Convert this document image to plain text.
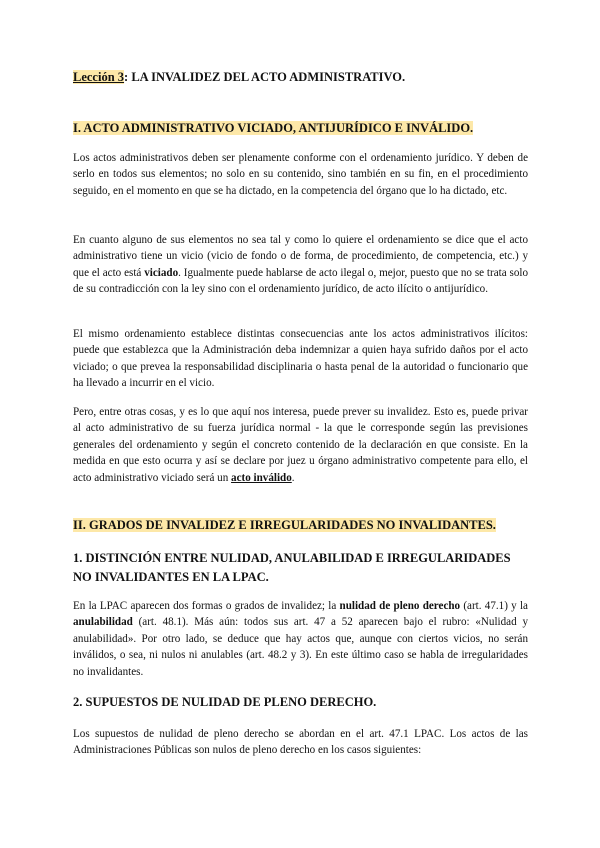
Lección 3: LA INVALIDEZ DEL ACTO ADMINISTRATIVO.

I. ACTO ADMINISTRATIVO VICIADO, ANTIJURÍDICO E INVÁLIDO.

Los actos administrativos deben ser plenamente conforme con el ordenamiento jurídico. Y deben de serlo en todos sus elementos; no solo en su contenido, sino también en su fin, en el procedimiento seguido, en el momento en que se ha dictado, en la competencia del órgano que lo ha dictado, etc.

En cuanto alguno de sus elementos no sea tal y como lo quiere el ordenamiento se dice que el acto administrativo tiene un vicio (vicio de fondo o de forma, de procedimiento, de competencia, etc.) y que el acto está viciado. Igualmente puede hablarse de acto ilegal o, mejor, puesto que no se trata solo de su contradicción con la ley sino con el ordenamiento jurídico, de acto ilícito o antijurídico.

El mismo ordenamiento establece distintas consecuencias ante los actos administrativos ilícitos: puede que establezca que la Administración deba indemnizar a quien haya sufrido daños por el acto viciado; o que prevea la responsabilidad disciplinaria o hasta penal de la autoridad o funcionario que ha llevado a incurrir en el vicio.

Pero, entre otras cosas, y es lo que aquí nos interesa, puede prever su invalidez. Esto es, puede privar al acto administrativo de su fuerza jurídica normal - la que le corresponde según las previsiones generales del ordenamiento y según el concreto contenido de la declaración en que consiste. En la medida en que esto ocurra y así se declare por juez u órgano administrativo competente para ello, el acto administrativo viciado será un acto inválido.

II. GRADOS DE INVALIDEZ E IRREGULARIDADES NO INVALIDANTES.

1. DISTINCIÓN ENTRE NULIDAD, ANULABILIDAD E IRREGULARIDADES NO INVALIDANTES EN LA LPAC.

En la LPAC aparecen dos formas o grados de invalidez; la nulidad de pleno derecho (art. 47.1) y la anulabilidad (art. 48.1). Más aún: todos sus art. 47 a 52 aparecen bajo el rubro: «Nulidad y anulabilidad». Por otro lado, se deduce que hay actos que, aunque con ciertos vicios, no serán inválidos, o sea, ni nulos ni anulables (art. 48.2 y 3). En este último caso se habla de irregularidades no invalidantes.

2. SUPUESTOS DE NULIDAD DE PLENO DERECHO.

Los supuestos de nulidad de pleno derecho se abordan en el art. 47.1 LPAC. Los actos de las Administraciones Públicas son nulos de pleno derecho en los casos siguientes:
